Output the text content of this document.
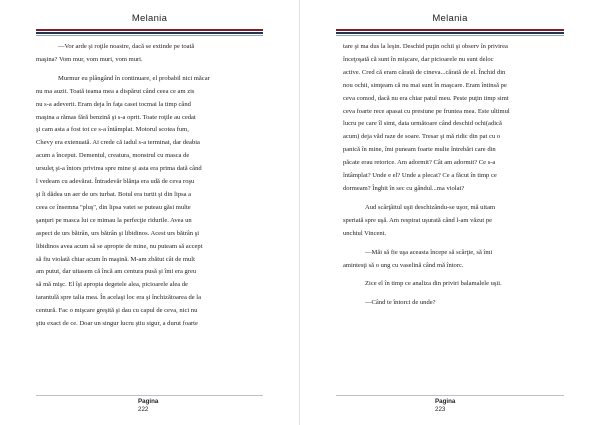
Melania

—Vor arde şi roţile noastre, dacă se extinde pe toată

maşina? Vom mur, vom muri, vom muri.

Murmur eu plângând în continuare, el probabil nici măcar

nu ma auzit. Toată teama mea a dispărut când ceea ce am zis

nu s-a adeverit. Eram deja în faţa casei tocmai la timp când

maşina a rămas fără benzină şi s-a oprit. Toate roţile au cedat

şi cam asta a fost tot ce s-a întâmplat. Motorul scotea fum,

Chevy era extenuată. Ai crede că iadul s-a terminat, dar deabia

acum a început. Dementul, creatura, monstrul cu masca de

ursuleţ şi-a întors privirea spre mine şi asta era prima dată când

l vedeam cu adevărat. Întradevăr blănţa era udă de ceva roşu

şi îi dădea un aer de urs turbat. Botul era turtit şi din lipsa a

ceea ce însemna ''pluş'', din lipsa vatei se puteau găsi multe

şanţuri pe masca lui ce mimau la perfecţie ridurile. Avea un

aspect de urs bătrân, urs bătrân şi libidinos. Acest urs bătrân şi

libidinos avea acum să se apropie de mine, nu puteam să accept

să fiu violată chiar acum în maşină. M-am zbătut cât de mult

am putut, dar uitasem că încă am centura pusă şi îmi era greu

să mă mişc. El îşi apropia degetele alea, picioarele alea de

tarantulă spre talia mea. În acelaşi loc era şi închizătoarea de la

centură. Fac o mişcare greşită şi dau cu capul de ceva, nici nu

ştiu exact de ce. Doar un singur lucru ştiu sigur, a durut foarte

Pagina
222
Melania

tare şi ma dus la leşin. Deschid puţin ochii şi observ în privirea

înceţoşată că sunt în mişcare, dar picioarele nu sunt deloc

active. Cred că eram cărată de cineva...cărată de el. Închid din

nou ochii, simţeam că nu mai sunt în maşcare. Eram întinsă pe

ceva comod, dacă nu era chiar patul meu. Peste puţin timp simt

ceva foarte rece apasat cu presiune pe fruntea mea. Este ultimul

lucru pe care îl simt, data următoare când deschid ochi(adică

acum) deja văd raze de soare. Tresar şi mă ridic din pat cu o

panică în mine, îmi puneam foarte multe întrebări care din

păcate erau retorice. Am adormit? Cât am adormit? Ce s-a

întâmplat? Unde e el? Unde a plecat? Ce a făcut în timp ce

dormeam? Înghit în sec cu gândul...ma violat?

Aud scârţâitul uşii deschizându-se uşor, mă uitam

speriată spre uşă. Am respirat uşurată când l-am văzut pe

unchiul Vincent.

—Măi să fie uşa aceasta începe să scârţie, să îmi

amintesţi să o ung cu vaselină când mă întorc.

Zice el în timp ce analiza din priviri balamalele uşii.

—Când te întorci de unde?

Pagina
223
